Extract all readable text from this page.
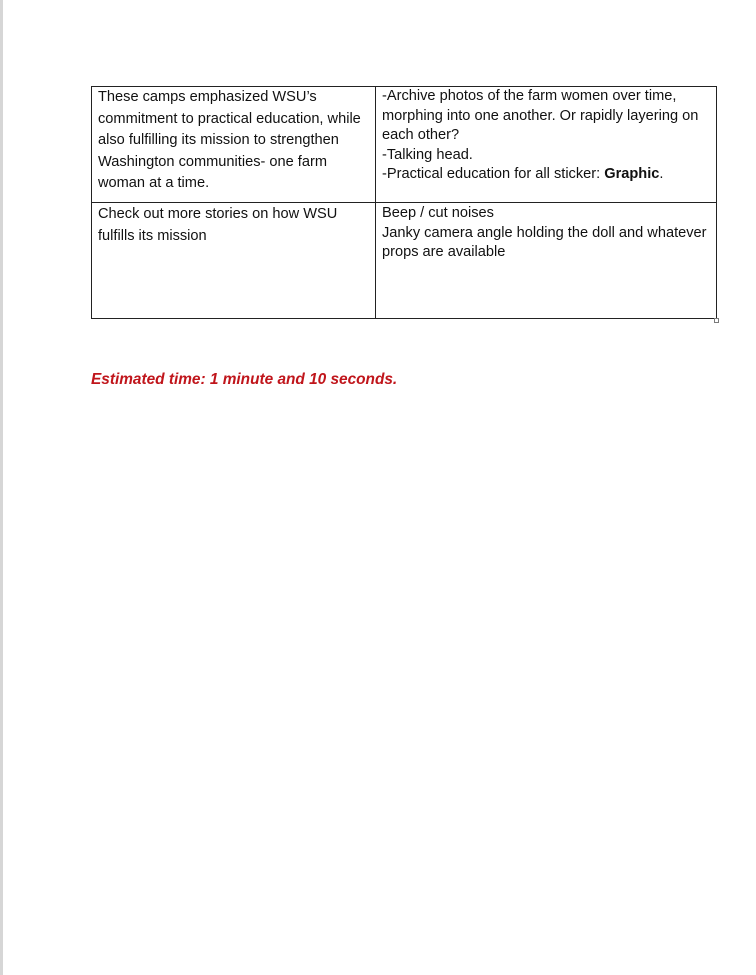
These camps emphasized WSU’s commitment to practical education, while also fulfilling its mission to strengthen Washington communities- one farm woman at a time.	-Archive photos of the farm women over time, morphing into one another. Or rapidly layering on each other?
-Talking head.
-Practical education for all sticker: Graphic.

Check out more stories on how WSU fulfills its mission	Beep / cut noises
Janky camera angle holding the doll and whatever props are available
Estimated time: 1 minute and 10 seconds.
